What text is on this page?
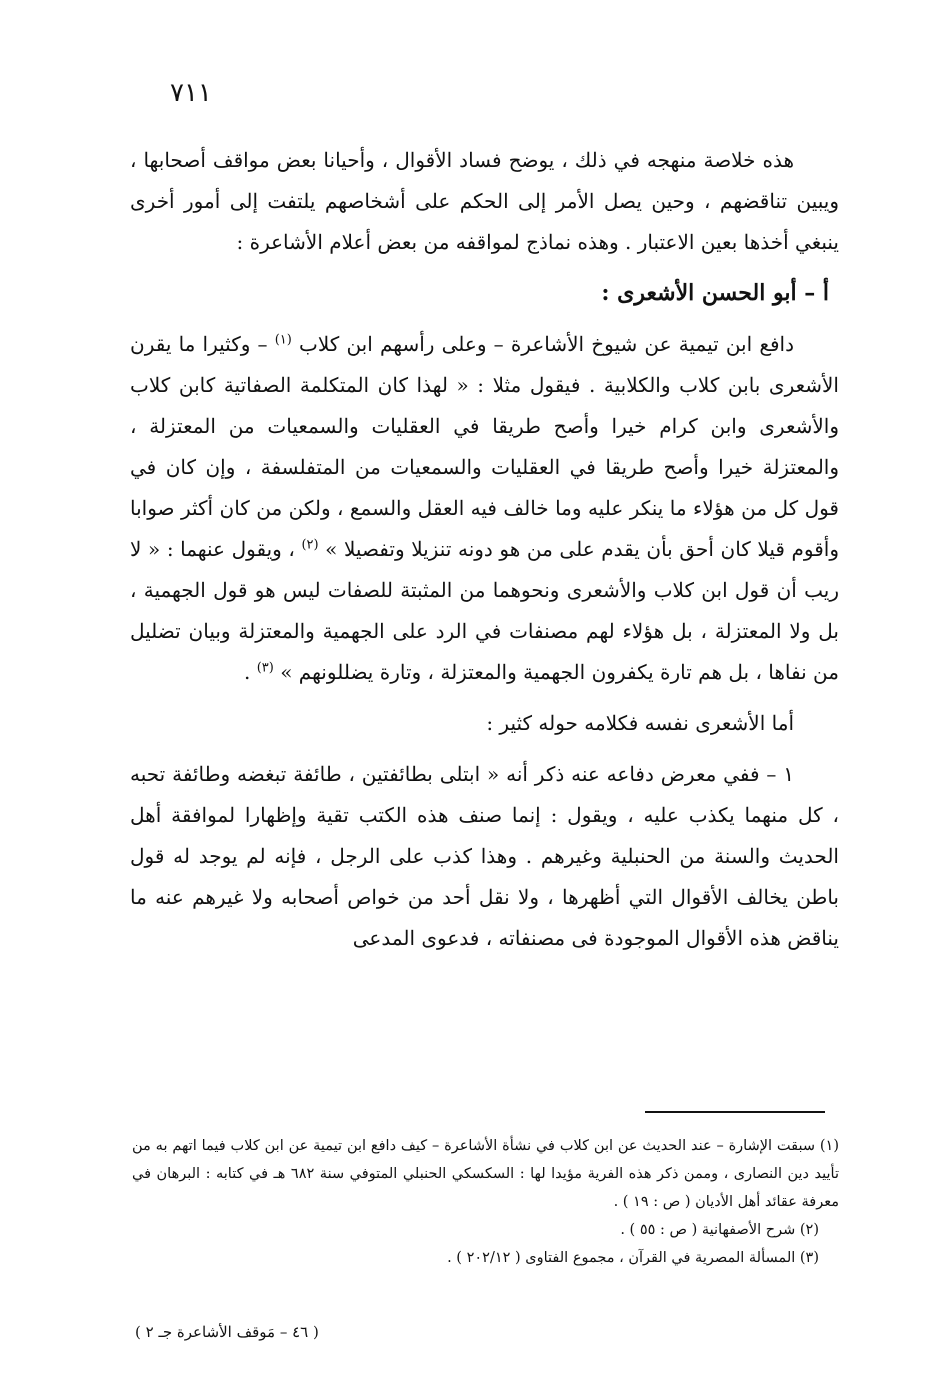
٧١١

هذه خلاصة منهجه في ذلك ، يوضح فساد الأقوال ، وأحيانا بعض مواقف أصحابها ، ويبين تناقضهم ، وحين يصل الأمر إلى الحكم على أشخاصهم يلتفت إلى أمور أخرى ينبغي أخذها بعين الاعتبار . وهذه نماذج لمواقفه من بعض أعلام الأشاعرة :

أ – أبو الحسن الأشعرى :

دافع ابن تيمية عن شيوخ الأشاعرة – وعلى رأسهم ابن كلاب $^{(١)}$ – وكثيرا ما يقرن الأشعرى بابن كلاب والكلابية . فيقول مثلا : « لهذا كان المتكلمة الصفاتية كابن كلاب والأشعرى وابن كرام خيرا وأصح طريقا في العقليات والسمعيات من المعتزلة ، والمعتزلة خيرا وأصح طريقا في العقليات والسمعيات من المتفلسفة ، وإن كان في قول كل من هؤلاء ما ينكر عليه وما خالف فيه العقل والسمع ، ولكن من كان أكثر صوابا وأقوم قيلا كان أحق بأن يقدم على من هو دونه تنزيلا وتفصيلا » $^{(٢)}$ ، ويقول عنهما : « لا ريب أن قول ابن كلاب والأشعرى ونحوهما من المثبتة للصفات ليس هو قول الجهمية ، بل ولا المعتزلة ، بل هؤلاء لهم مصنفات في الرد على الجهمية والمعتزلة وبيان تضليل من نفاها ، بل هم تارة يكفرون الجهمية والمعتزلة ، وتارة يضللونهم » $^{(٣)}$ .

أما الأشعرى نفسه فكلامه حوله كثير :

١ – ففي معرض دفاعه عنه ذكر أنه « ابتلى بطائفتين ، طائفة تبغضه وطائفة تحبه ، كل منهما يكذب عليه ، ويقول : إنما صنف هذه الكتب تقية وإظهارا لموافقة أهل الحديث والسنة من الحنبلية وغيرهم . وهذا كذب على الرجل ، فإنه لم يوجد له قول باطن يخالف الأقوال التي أظهرها ، ولا نقل أحد من خواص أصحابه ولا غيرهم عنه ما يناقض هذه الأقوال الموجودة فى مصنفاته ، فدعوى المدعى

(١) سبقت الإشارة – عند الحديث عن ابن كلاب في نشأة الأشاعرة – كيف دافع ابن تيمية عن ابن كلاب فيما اتهم به من تأييد دين النصارى ، وممن ذكر هذه الفرية مؤيدا لها : السكسكي الحنبلي المتوفي سنة ٦٨٢ هـ في كتابه : البرهان في معرفة عقائد أهل الأديان ( ص : ١٩ ) .

(٢) شرح الأصفهانية ( ص : ٥٥ ) .

(٣) المسألة المصرية في القرآن ، مجموع الفتاوى ( ٢٠٢/١٢ ) .

( ٤٦ – مَوقف الأشاعرة جـ ٢ )
